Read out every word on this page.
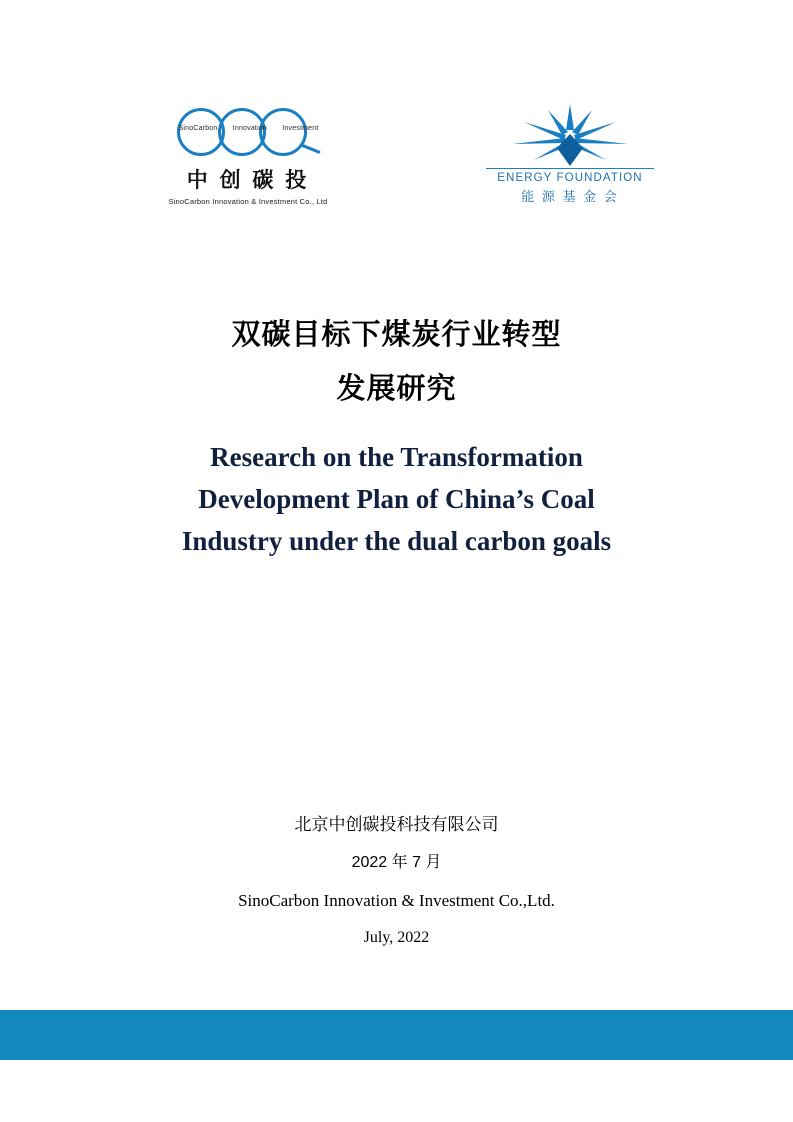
SinoCarbon Innovation Investment
中 创 碳 投
SinoCarbon Innovation & Investment Co., Ltd
ENERGY FOUNDATION
能 源 基 金 会
双碳目标下煤炭行业转型
发展研究
Research on the Transformation
Development Plan of China’s Coal
Industry under the dual carbon goals
北京中创碳投科技有限公司
2022 年 7 月
SinoCarbon Innovation & Investment Co.,Ltd.
July, 2022
